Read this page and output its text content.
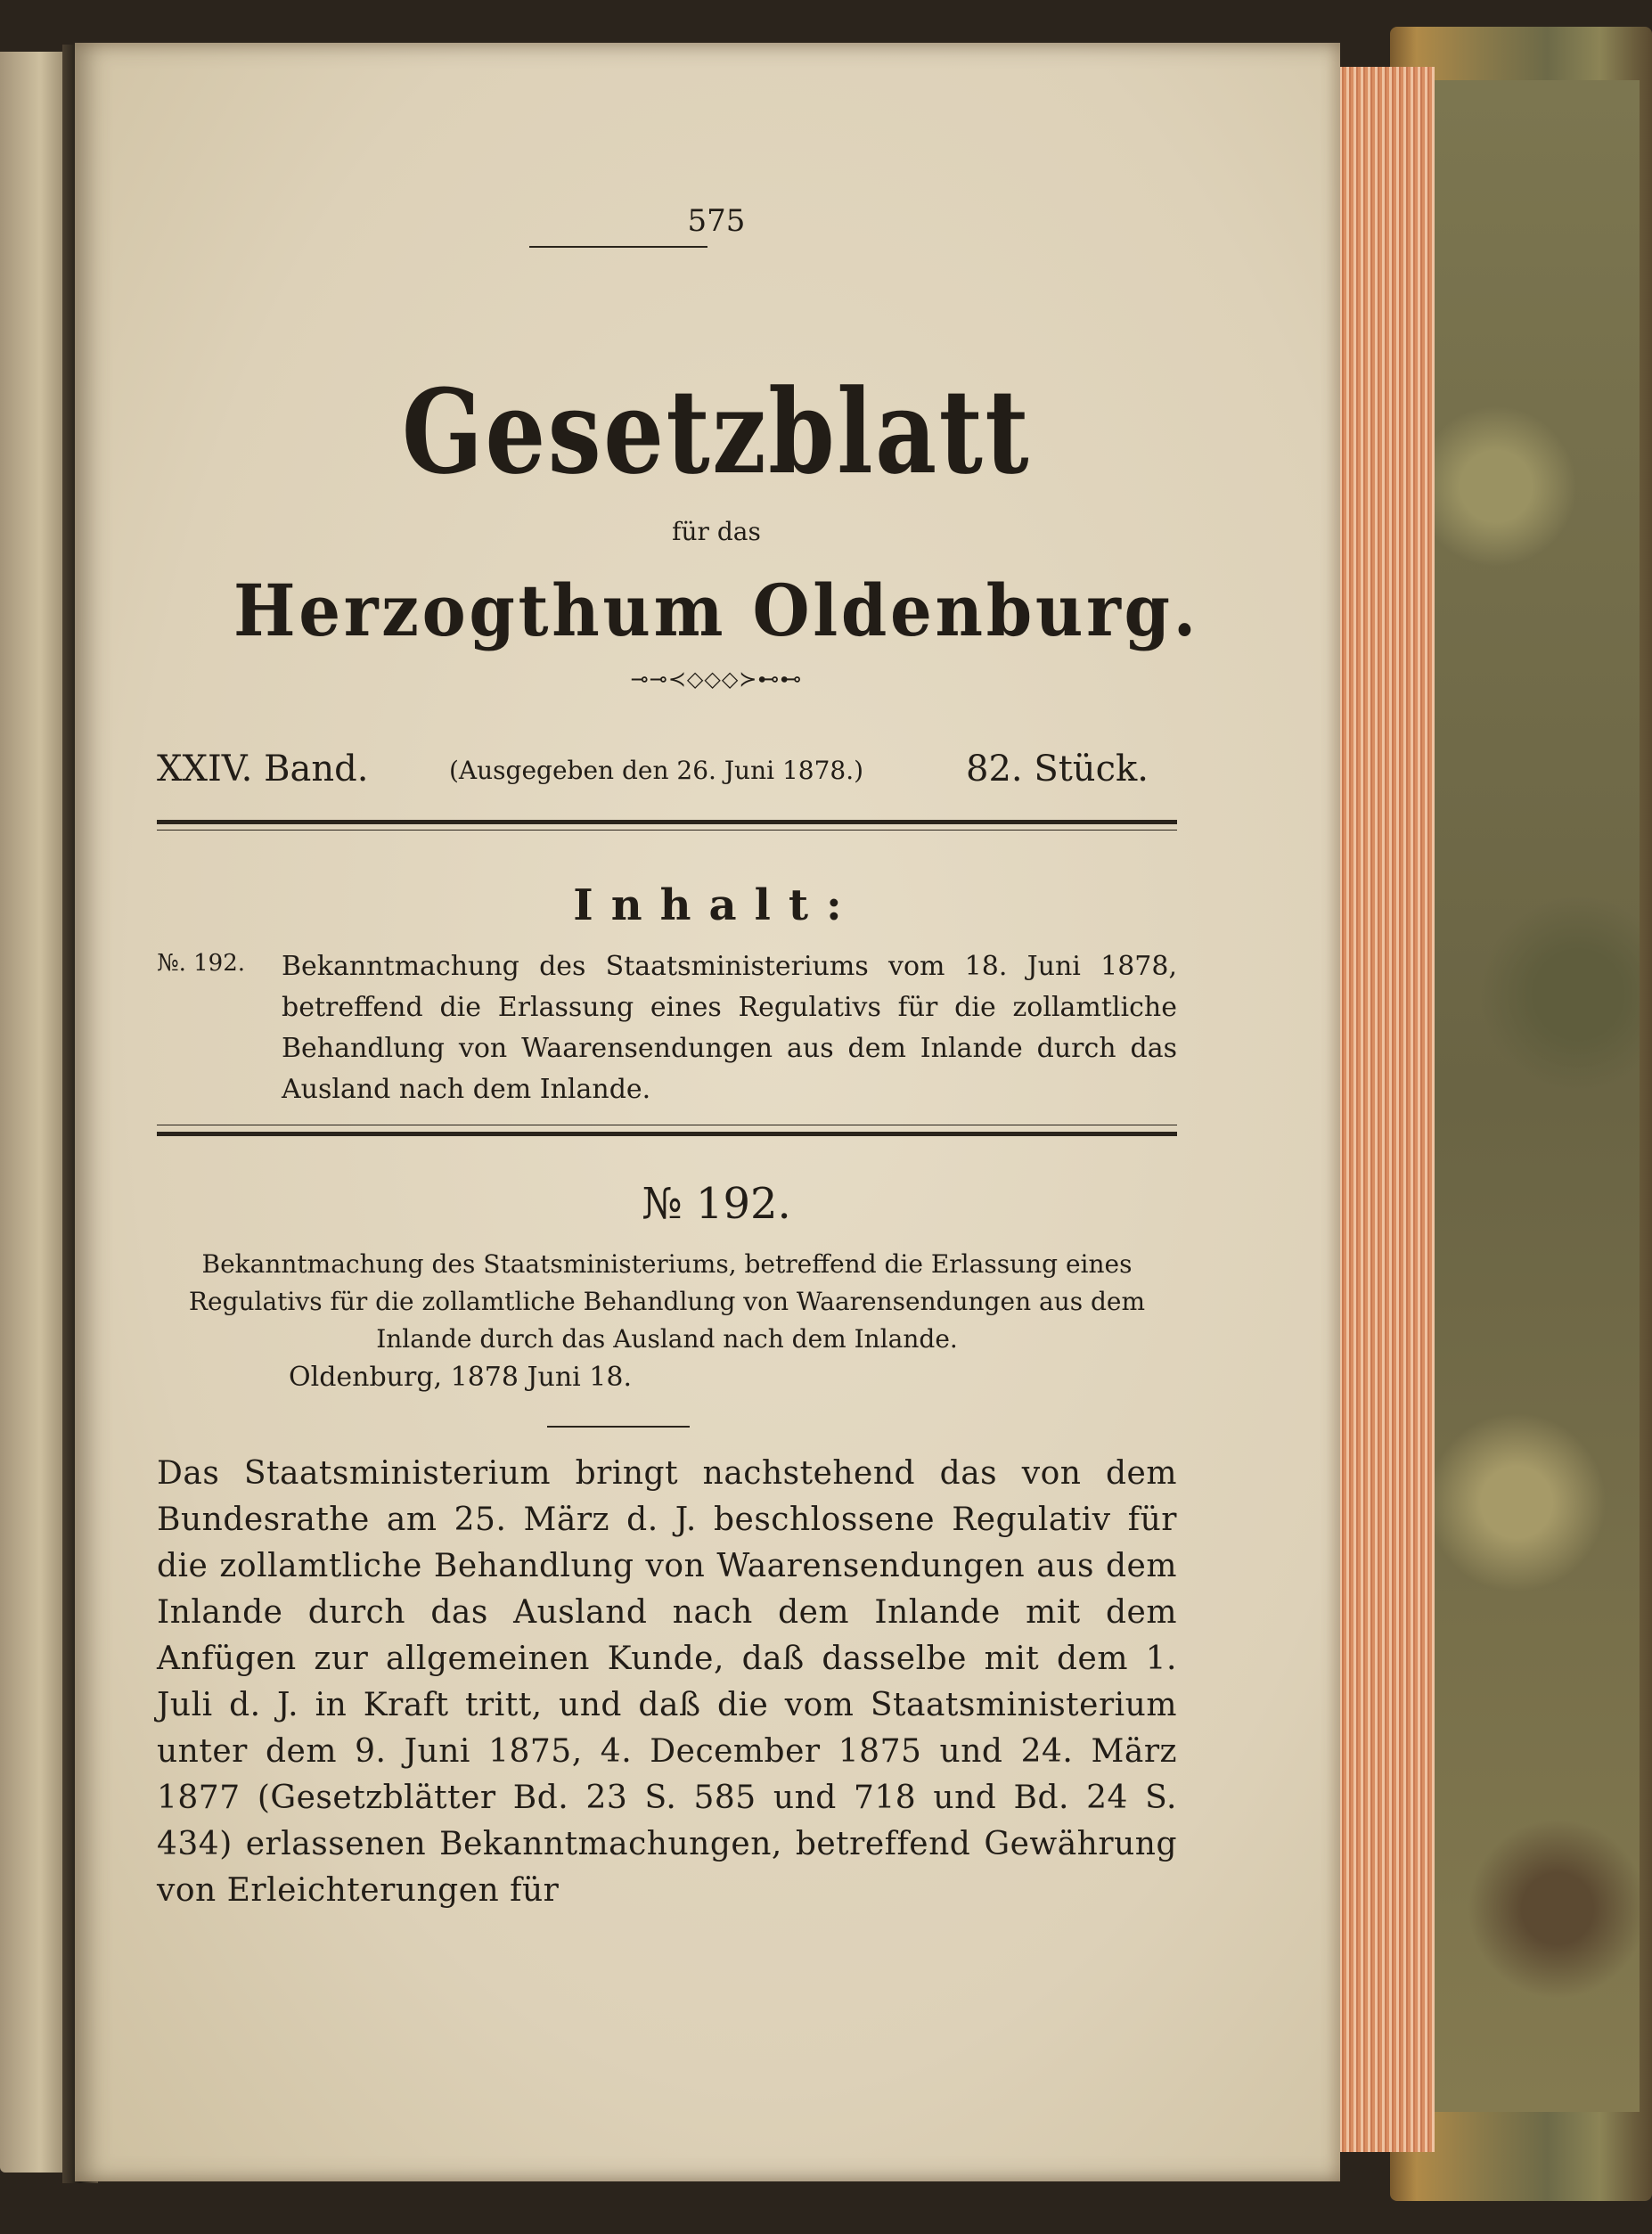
575
Gesetzblatt
für das
Herzogthum Oldenburg.
⊸⊸≺◇◇◇≻⊷⊷
XXIV. Band.	(Ausgegeben den 26. Juni 1878.)	82. Stück.
Inhalt:
№. 192. Bekanntmachung des Staatsministeriums vom 18. Juni 1878, betreffend die Erlassung eines Regulativs für die zollamtliche Behandlung von Waarensendungen aus dem Inlande durch das Ausland nach dem Inlande.
№ 192.
Bekanntmachung des Staatsministeriums, betreffend die Erlassung eines Regulativs für die zollamtliche Behandlung von Waarensendungen aus dem Inlande durch das Ausland nach dem Inlande.
Oldenburg, 1878 Juni 18.
Das Staatsministerium bringt nachstehend das von dem Bundesrathe am 25. März d. J. beschlossene Regulativ für die zollamtliche Behandlung von Waarensendungen aus dem Inlande durch das Ausland nach dem Inlande mit dem Anfügen zur allgemeinen Kunde, daß dasselbe mit dem 1. Juli d. J. in Kraft tritt, und daß die vom Staatsministerium unter dem 9. Juni 1875, 4. December 1875 und 24. März 1877 (Gesetzblätter Bd. 23 S. 585 und 718 und Bd. 24 S. 434) erlassenen Bekanntmachungen, betreffend Gewährung von Erleichterungen für
